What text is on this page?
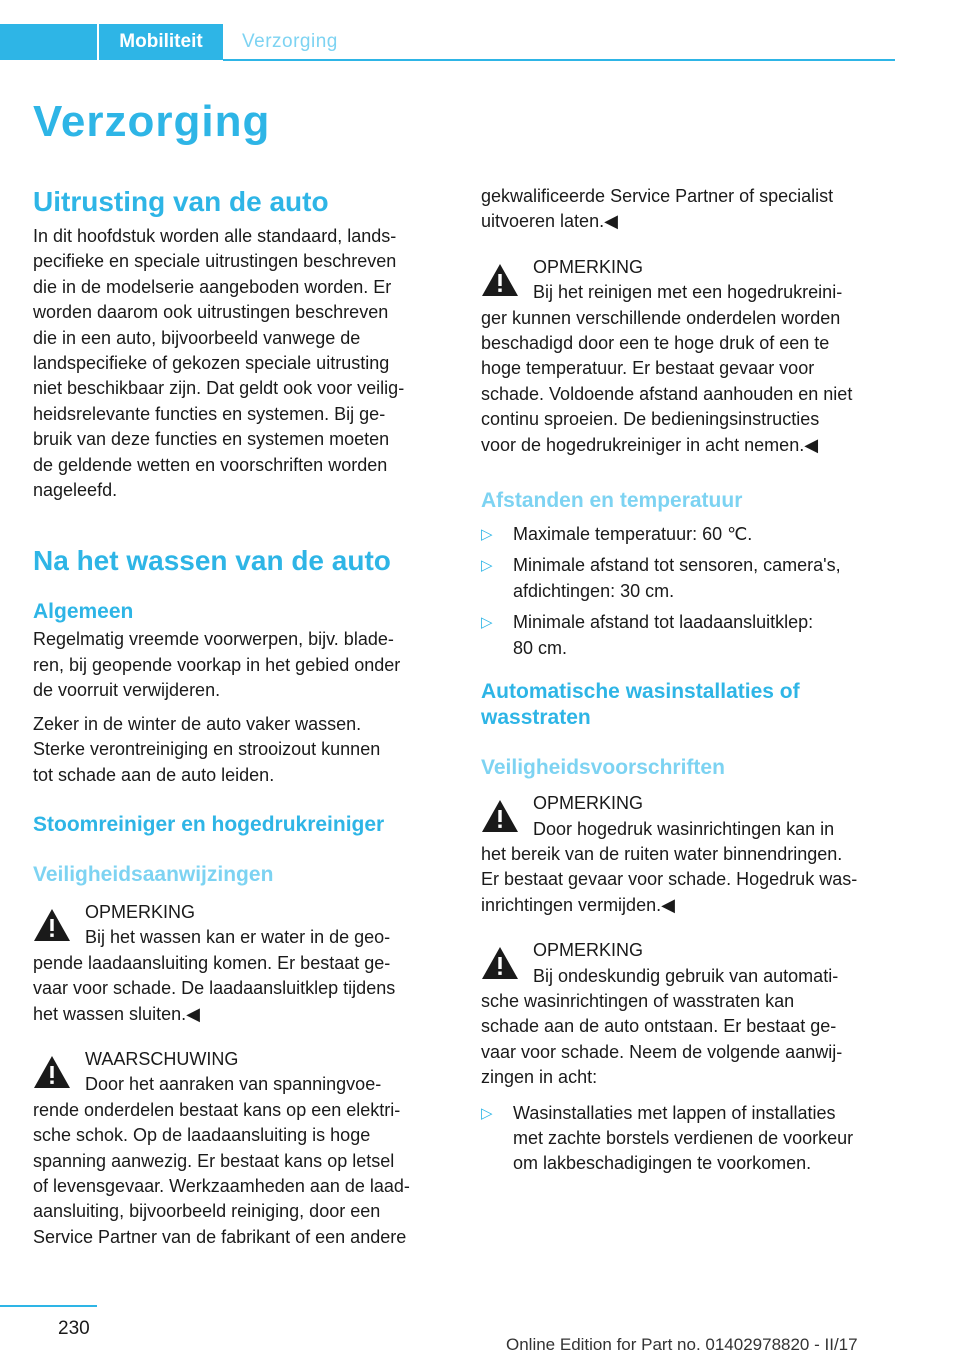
Mobiliteit	Verzorging
Verzorging
Uitrusting van de auto

In dit hoofdstuk worden alle standaard, lands-
pecifieke en speciale uitrustingen beschreven
die in de modelserie aangeboden worden. Er
worden daarom ook uitrustingen beschreven
die in een auto, bijvoorbeeld vanwege de
landspecifieke of gekozen speciale uitrusting
niet beschikbaar zijn. Dat geldt ook voor veilig-
heidsrelevante functies en systemen. Bij ge-
bruik van deze functies en systemen moeten
de geldende wetten en voorschriften worden
nageleefd.

Na het wassen van de auto
Algemeen

Regelmatig vreemde voorwerpen, bijv. blade-
ren, bij geopende voorkap in het gebied onder
de voorruit verwijderen.

Zeker in de winter de auto vaker wassen.
Sterke verontreiniging en strooizout kunnen
tot schade aan de auto leiden.

Stoomreiniger en hogedrukreiniger
Veiligheidsaanwijzingen
OPMERKING

Bij het wassen kan er water in de geo-
pende laadaansluiting komen. Er bestaat ge-
vaar voor schade. De laadaansluitklep tijdens
het wassen sluiten.◀

WAARSCHUWING

Door het aanraken van spanningvoe-
rende onderdelen bestaat kans op een elektri-
sche schok. Op de laadaansluiting is hoge
spanning aanwezig. Er bestaat kans op letsel
of levensgevaar. Werkzaamheden aan de laad-
aansluiting, bijvoorbeeld reiniging, door een
Service Partner van de fabrikant of een andere

gekwalificeerde Service Partner of specialist
uitvoeren laten.◀

OPMERKING

Bij het reinigen met een hogedrukreini-
ger kunnen verschillende onderdelen worden
beschadigd door een te hoge druk of een te
hoge temperatuur. Er bestaat gevaar voor
schade. Voldoende afstand aanhouden en niet
continu sproeien. De bedieningsinstructies
voor de hogedrukreiniger in acht nemen.◀

Afstanden en temperatuur
▷ Maximale temperatuur: 60 ℃.
▷ Minimale afstand tot sensoren, camera's,
afdichtingen: 30 cm.
▷ Minimale afstand tot laadaansluitklep:
80 cm.
Automatische wasinstallaties of
wasstraten
Veiligheidsvoorschriften
OPMERKING

Door hogedruk wasinrichtingen kan in
het bereik van de ruiten water binnendringen.
Er bestaat gevaar voor schade. Hogedruk was-
inrichtingen vermijden.◀

OPMERKING

Bij ondeskundig gebruik van automati-
sche wasinrichtingen of wasstraten kan
schade aan de auto ontstaan. Er bestaat ge-
vaar voor schade. Neem de volgende aanwij-
zingen in acht:

▷ Wasinstallaties met lappen of installaties
met zachte borstels verdienen de voorkeur
om lakbeschadigingen te voorkomen.
230
Online Edition for Part no. 01402978820 - II/17
